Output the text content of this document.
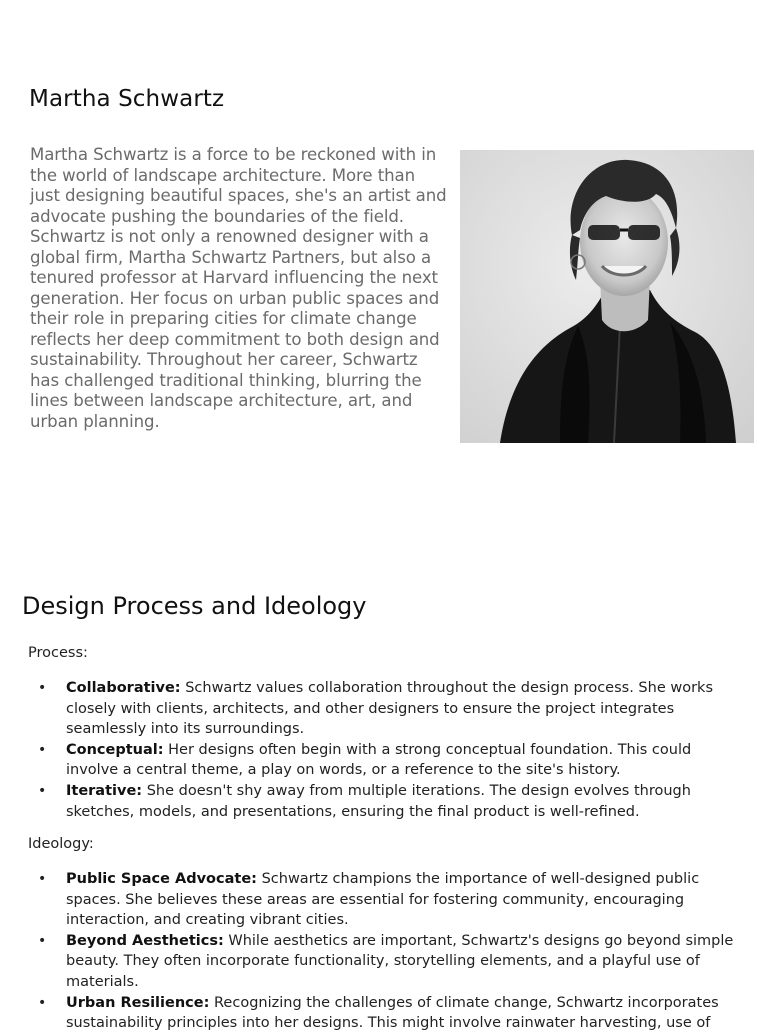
Martha Schwartz

Martha Schwartz is a force to be reckoned with in the world of landscape architecture. More than just designing beautiful spaces, she's an artist and advocate pushing the boundaries of the field. Schwartz is not only a renowned designer with a global firm, Martha Schwartz Partners, but also a tenured professor at Harvard influencing the next generation. Her focus on urban public spaces and their role in preparing cities for climate change reflects her deep commitment to both design and sustainability. Throughout her career, Schwartz has challenged traditional thinking, blurring the lines between landscape architecture, art, and urban planning.

Design Process and Ideology

Process:

• Collaborative: Schwartz values collaboration throughout the design process. She works closely with clients, architects, and other designers to ensure the project integrates seamlessly into its surroundings.
• Conceptual: Her designs often begin with a strong conceptual foundation. This could involve a central theme, a play on words, or a reference to the site's history.
• Iterative: She doesn't shy away from multiple iterations. The design evolves through sketches, models, and presentations, ensuring the final product is well-refined.

Ideology:

• Public Space Advocate: Schwartz champions the importance of well-designed public spaces. She believes these areas are essential for fostering community, encouraging interaction, and creating vibrant cities.
• Beyond Aesthetics: While aesthetics are important, Schwartz's designs go beyond simple beauty. They often incorporate functionality, storytelling elements, and a playful use of materials.
• Urban Resilience: Recognizing the challenges of climate change, Schwartz incorporates sustainability principles into her designs. This might involve rainwater harvesting, use of
